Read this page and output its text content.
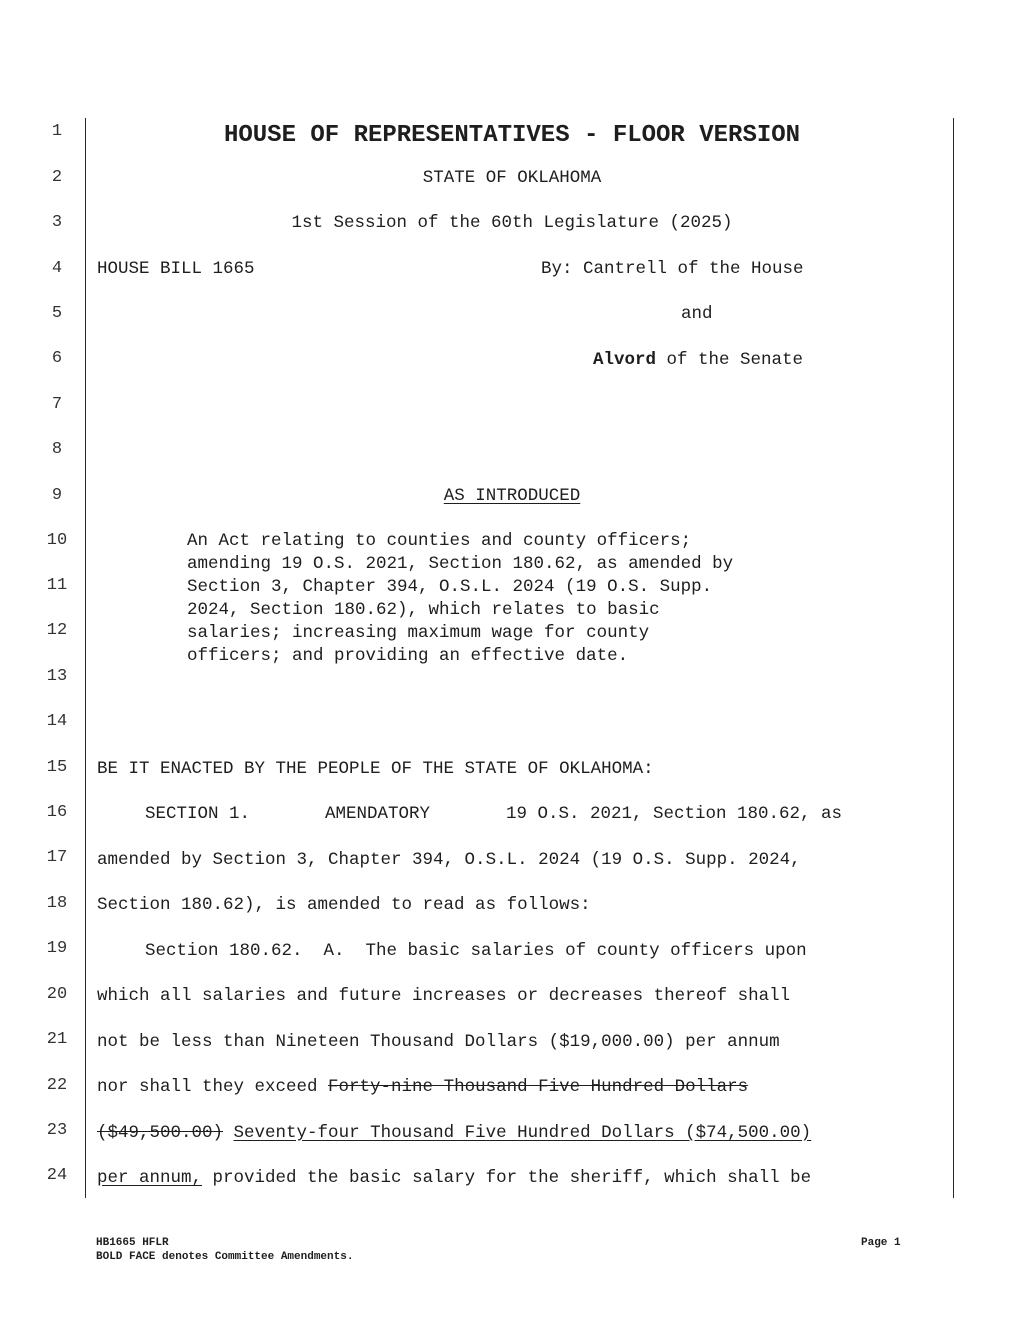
1
2
3
4
5
6
7
8
9
10
11
12
13
14
15
16
17
18
19
20
21
22
23
24
HOUSE OF REPRESENTATIVES - FLOOR VERSION
STATE OF OKLAHOMA
1st Session of the 60th Legislature (2025)
HOUSE BILL 1665	By: Cantrell of the House
and
Alvord of the Senate
AS INTRODUCED
An Act relating to counties and county officers;
amending 19 O.S. 2021, Section 180.62, as amended by
Section 3, Chapter 394, O.S.L. 2024 (19 O.S. Supp.
2024, Section 180.62), which relates to basic
salaries; increasing maximum wage for county
officers; and providing an effective date.
BE IT ENACTED BY THE PEOPLE OF THE STATE OF OKLAHOMA:
SECTION 1.	AMENDATORY	19 O.S. 2021, Section 180.62, as
amended by Section 3, Chapter 394, O.S.L. 2024 (19 O.S. Supp. 2024,
Section 180.62), is amended to read as follows:
Section 180.62.  A.  The basic salaries of county officers upon
which all salaries and future increases or decreases thereof shall
not be less than Nineteen Thousand Dollars ($19,000.00) per annum
nor shall they exceed Forty-nine Thousand Five Hundred Dollars
($49,500.00) Seventy-four Thousand Five Hundred Dollars ($74,500.00)
per annum, provided the basic salary for the sheriff, which shall be
HB1665 HFLR
BOLD FACE denotes Committee Amendments.
Page 1
